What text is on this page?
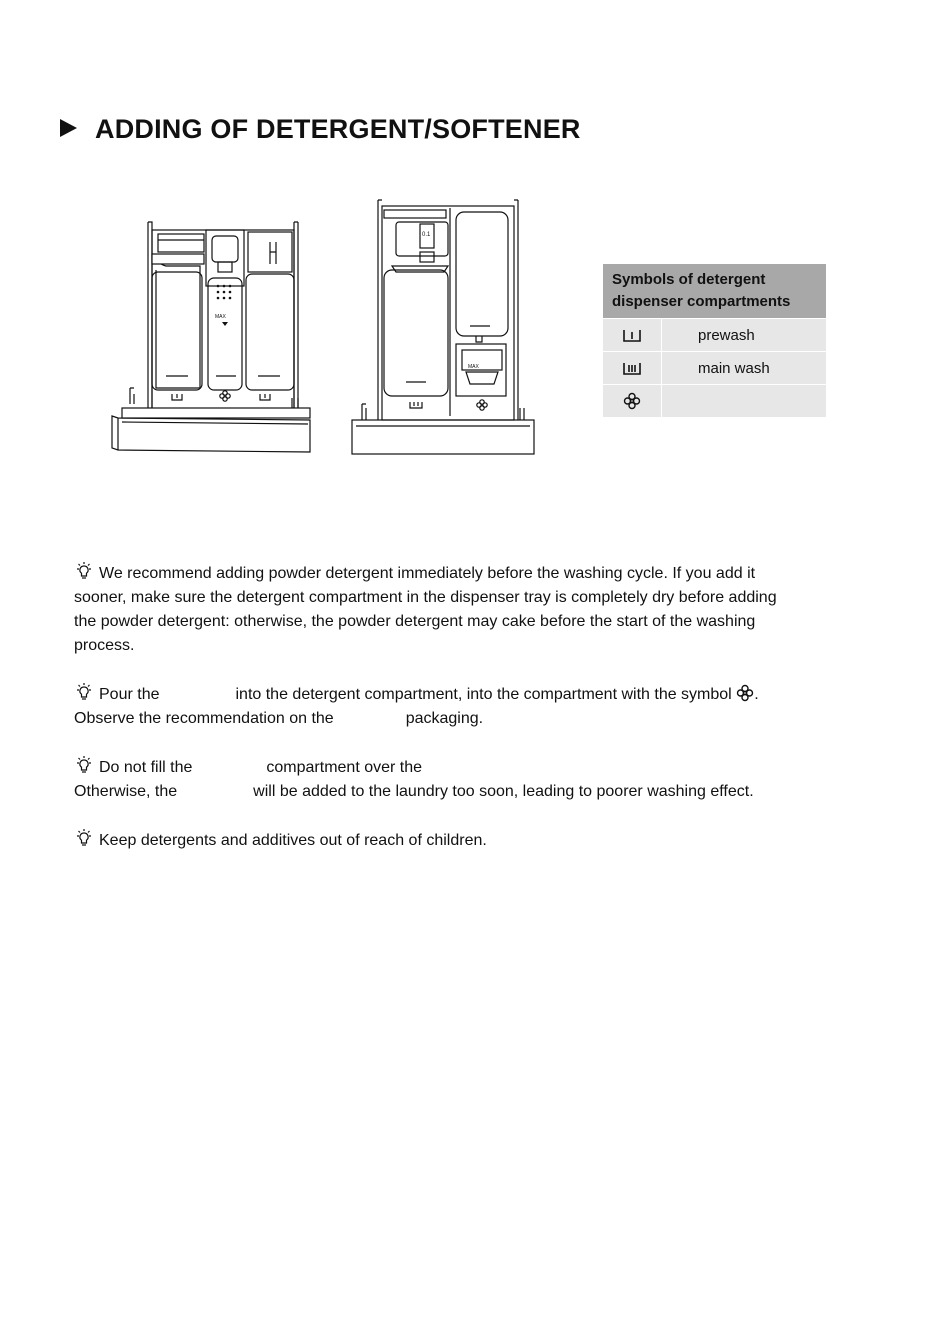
ADDING OF DETERGENT/SOFTENER
MAX
0.1
MAX
Symbols of detergent
dispenser compartments	
	prewash
	main wash

We recommend adding powder detergent immediately before the washing cycle. If you add it
sooner, make sure the detergent compartment in the dispenser tray is completely dry before adding
the powder detergent: otherwise, the powder detergent may cake before the start of the washing
process.

Pour the	into the detergent compartment, into the compartment with the symbol .
Observe the recommendation on the	packaging.

Do not fill the	compartment over the
Otherwise, the	will be added to the laundry too soon, leading to poorer washing effect.

Keep detergents and additives out of reach of children.
